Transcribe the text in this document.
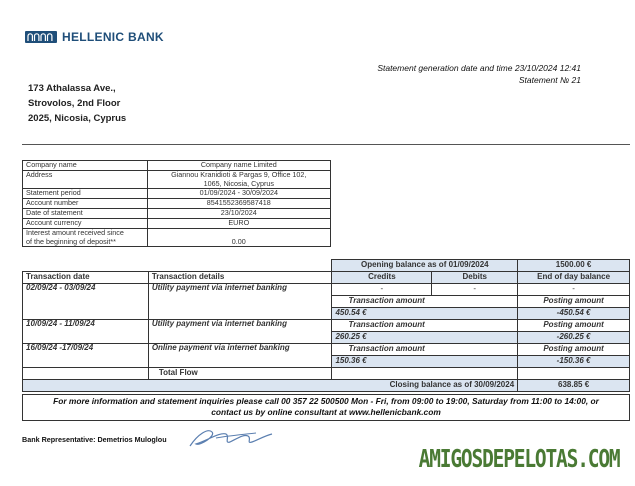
HELLENIC BANK
Statement generation date and time 23/10/2024 12:41
Statement № 21
173 Athalassa Ave.,
Strovolos, 2nd Floor
2025, Nicosia, Cyprus
Company name	Company name Limited
Address	Giannou Kranidioti & Pargas 9, Office 102,
1065, Nicosia, Cyprus

Statement period	01/09/2024 - 30/09/2024
Account number	8541552369587418
Date of statement	23/10/2024
Account currency	EURO

Interest amount received since
of the beginning of deposit**	0.00
		Opening balance as of 01/09/2024		1500.00 €
Transaction date	Transaction details	Credits	Debits	End of day balance
02/09/24 - 03/09/24	Utility payment via internet banking	-	-	-
		Transaction amount		Posting amount
		450.54 €		-450.54 €
10/09/24 - 11/09/24	Utility payment via internet banking	Transaction amount		Posting amount
		260.25 €		-260.25 €
16/09/24 -17/09/24	Online payment via internet banking	Transaction amount		Posting amount
		150.36 €		-150.36 €
	Total Flow			
Closing balance as of 30/09/2024				638.85 €
For more information and statement inquiries please call 00 357 22 500500 Mon - Fri, from 09:00 to 19:00, Saturday from 11:00 to 14:00, or
contact us by online consultant at www.hellenicbank.com
Bank Representative: Demetrios Muloglou
AMIGOSDEPELOTAS.COM
